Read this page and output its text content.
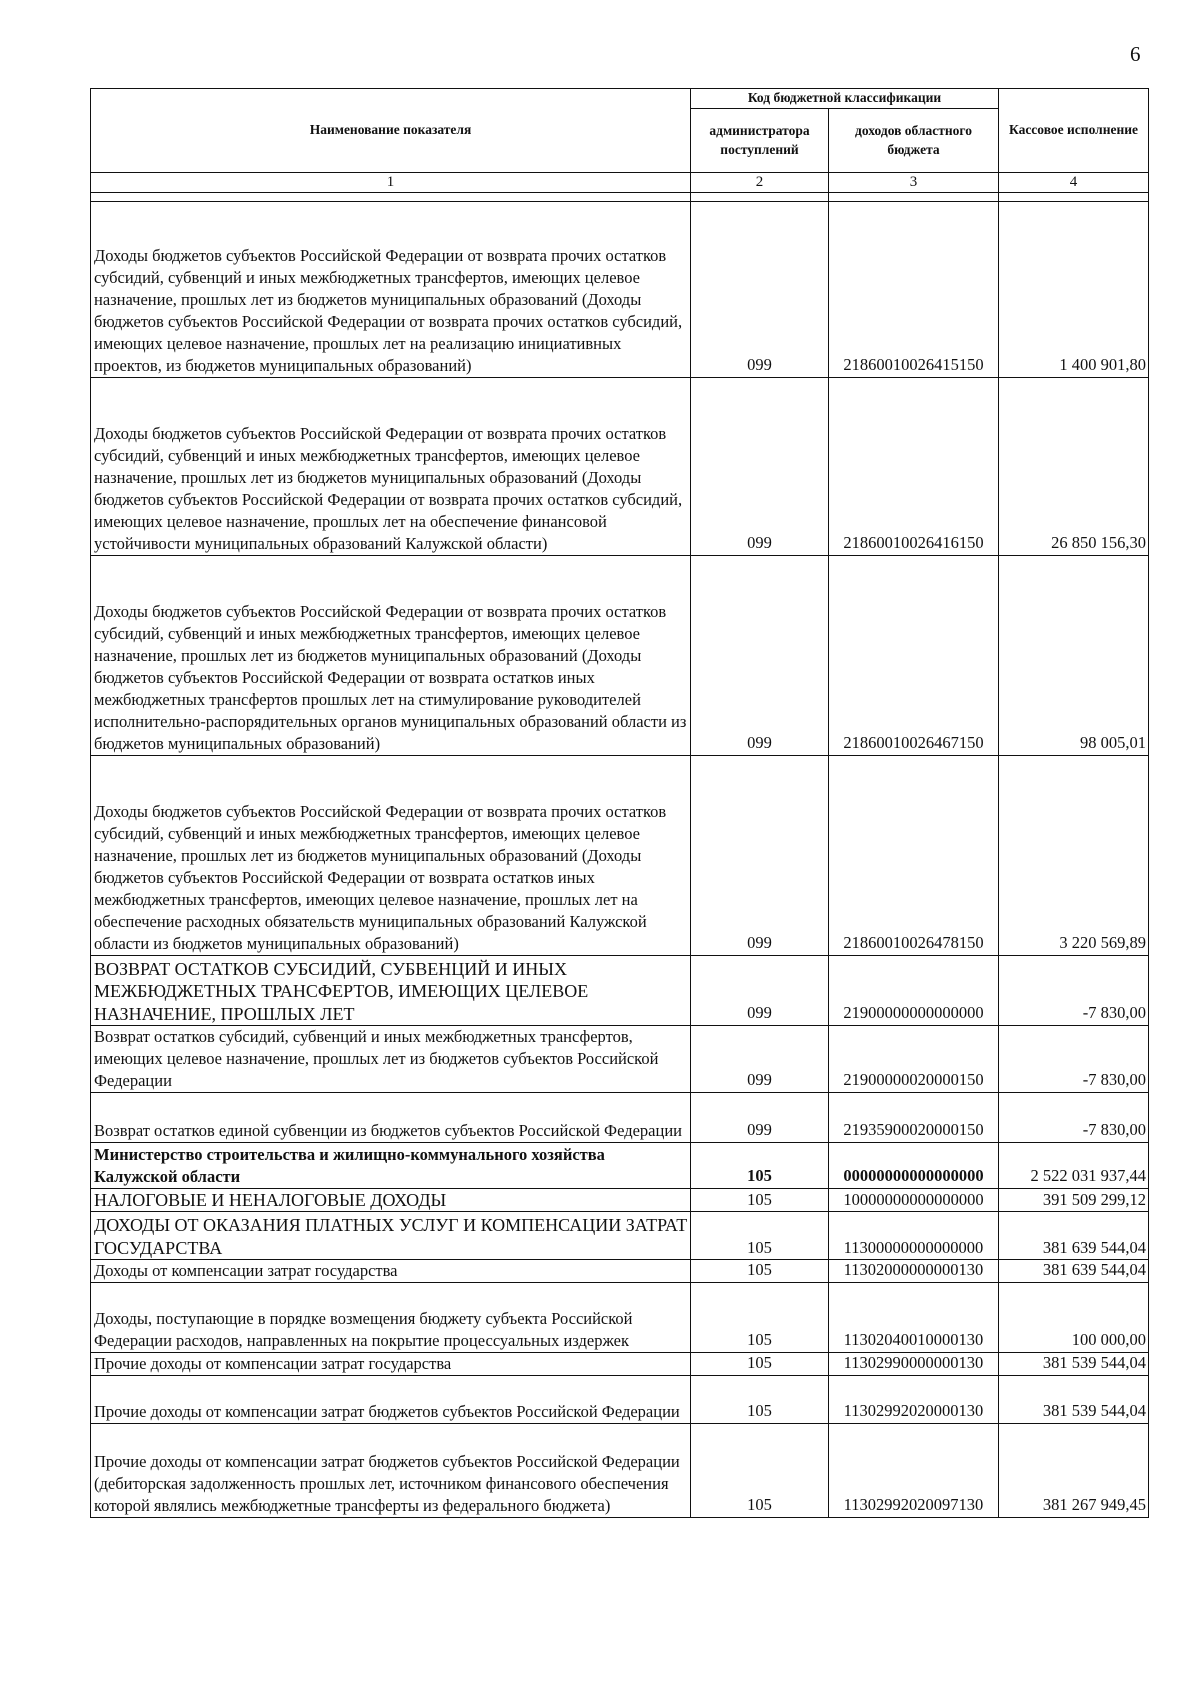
6
Наименование показателя	Код бюджетной классификации		Кассовое исполнение
	администратора поступлений	доходов областного бюджета	
1	2	3	4

Доходы бюджетов субъектов Российской Федерации от возврата прочих остатков субсидий, субвенций и иных межбюджетных трансфертов, имеющих целевое назначение, прошлых лет из бюджетов муниципальных образований (Доходы бюджетов субъектов Российской Федерации от возврата прочих остатков субсидий, имеющих целевое назначение, прошлых лет на реализацию инициативных проектов, из бюджетов муниципальных образований)	099	21860010026415150	1 400 901,80
Доходы бюджетов субъектов Российской Федерации от возврата прочих остатков субсидий, субвенций и иных межбюджетных трансфертов, имеющих целевое назначение, прошлых лет из бюджетов муниципальных образований (Доходы бюджетов субъектов Российской Федерации от возврата прочих остатков субсидий, имеющих целевое назначение, прошлых лет на обеспечение финансовой устойчивости муниципальных образований Калужской области)	099	21860010026416150	26 850 156,30
Доходы бюджетов субъектов Российской Федерации от возврата прочих остатков субсидий, субвенций и иных межбюджетных трансфертов, имеющих целевое назначение, прошлых лет из бюджетов муниципальных образований (Доходы бюджетов субъектов Российской Федерации от возврата остатков иных межбюджетных трансфертов прошлых лет на стимулирование руководителей исполнительно-распорядительных органов муниципальных образований области из бюджетов муниципальных образований)	099	21860010026467150	98 005,01
Доходы бюджетов субъектов Российской Федерации от возврата прочих остатков субсидий, субвенций и иных межбюджетных трансфертов, имеющих целевое назначение, прошлых лет из бюджетов муниципальных образований (Доходы бюджетов субъектов Российской Федерации от возврата остатков иных межбюджетных трансфертов, имеющих целевое назначение, прошлых лет на обеспечение расходных обязательств муниципальных образований Калужской области из бюджетов муниципальных образований)	099	21860010026478150	3 220 569,89
ВОЗВРАТ ОСТАТКОВ СУБСИДИЙ, СУБВЕНЦИЙ И ИНЫХ МЕЖБЮДЖЕТНЫХ ТРАНСФЕРТОВ, ИМЕЮЩИХ ЦЕЛЕВОЕ НАЗНАЧЕНИЕ, ПРОШЛЫХ ЛЕТ	099	21900000000000000	-7 830,00
Возврат остатков субсидий, субвенций и иных межбюджетных трансфертов, имеющих целевое назначение, прошлых лет из бюджетов субъектов Российской Федерации	099	21900000020000150	-7 830,00
Возврат остатков единой субвенции из бюджетов субъектов Российской Федерации	099	21935900020000150	-7 830,00
Министерство строительства и жилищно-коммунального хозяйства Калужской области	105	00000000000000000	2 522 031 937,44
НАЛОГОВЫЕ И НЕНАЛОГОВЫЕ ДОХОДЫ	105	10000000000000000	391 509 299,12
ДОХОДЫ ОТ ОКАЗАНИЯ ПЛАТНЫХ УСЛУГ И КОМПЕНСАЦИИ ЗАТРАТ ГОСУДАРСТВА	105	11300000000000000	381 639 544,04
Доходы от компенсации затрат государства	105	11302000000000130	381 639 544,04
Доходы, поступающие в порядке возмещения бюджету субъекта Российской Федерации расходов, направленных на покрытие процессуальных издержек	105	11302040010000130	100 000,00
Прочие доходы от компенсации затрат государства	105	11302990000000130	381 539 544,04
Прочие доходы от компенсации затрат бюджетов субъектов Российской Федерации	105	11302992020000130	381 539 544,04
Прочие доходы от компенсации затрат бюджетов субъектов Российской Федерации (дебиторская задолженность прошлых лет, источником финансового обеспечения которой являлись межбюджетные трансферты из федерального бюджета)	105	11302992020097130	381 267 949,45
